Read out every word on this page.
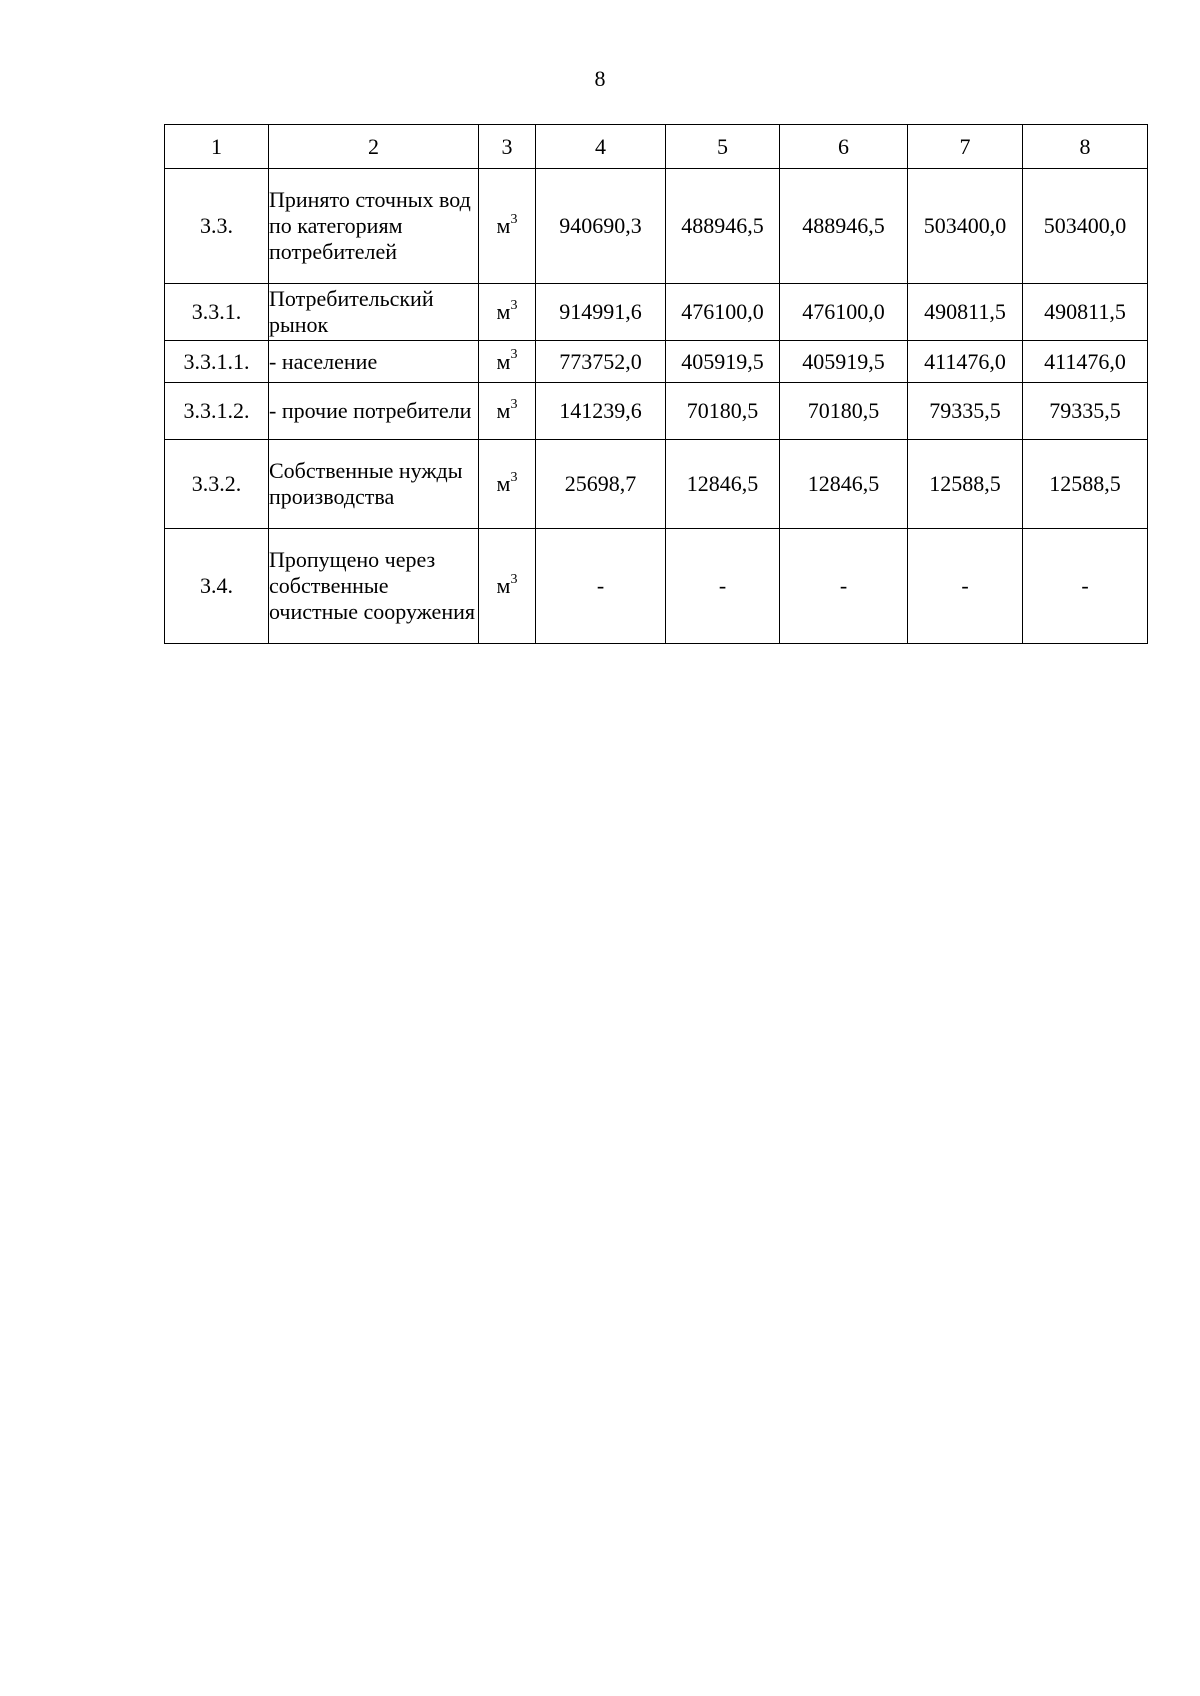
8
1	2	3	4	5	6	7	8
3.3.	Принято сточных вод по категориям потребителей	$м^3$	940690,3	488946,5	488946,5	503400,0	503400,0
3.3.1.	Потребительский рынок	$м^3$	914991,6	476100,0	476100,0	490811,5	490811,5
3.3.1.1.	- население	$м^3$	773752,0	405919,5	405919,5	411476,0	411476,0
3.3.1.2.	- прочие потребители	$м^3$	141239,6	70180,5	70180,5	79335,5	79335,5
3.3.2.	Собственные нужды производства	$м^3$	25698,7	12846,5	12846,5	12588,5	12588,5
3.4.	Пропущено через собственные очистные сооружения	$м^3$	-	-	-	-	-
